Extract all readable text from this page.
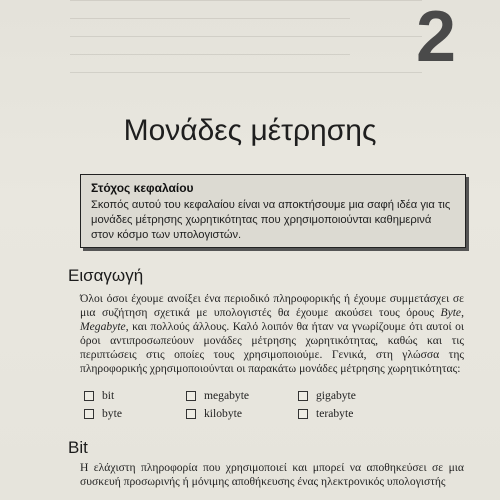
2
Μονάδες μέτρησης
Στόχος κεφαλαίου
Σκοπός αυτού του κεφαλαίου είναι να αποκτήσουμε μια σαφή ιδέα για τις μονάδες μέτρησης χωρητικότητας που χρησιμοποιούνται καθημερινά στον κόσμο των υπολογιστών.
Εισαγωγή
Όλοι όσοι έχουμε ανοίξει ένα περιοδικό πληροφορικής ή έχουμε συμμετάσχει σε μια συζήτηση σχετικά με υπολογιστές θα έχουμε ακούσει τους όρους Byte, Megabyte, και πολλούς άλλους. Καλό λοιπόν θα ήταν να γνωρίζουμε ότι αυτοί οι όροι αντιπροσωπεύουν μονάδες μέτρησης χωρητικότητας, καθώς και τις περιπτώσεις στις οποίες τους χρησιμοποιούμε. Γενικά, στη γλώσσα της πληροφορικής χρησιμοποιούνται οι παρακάτω μονάδες μέτρησης χωρητικότητας:
bit	megabyte	gigabyte
byte	kilobyte	terabyte
Bit
Η ελάχιστη πληροφορία που χρησιμοποιεί και μπορεί να αποθηκεύσει σε μια συσκευή προσωρινής ή μόνιμης αποθήκευσης ένας ηλεκτρονικός υπολογιστής
